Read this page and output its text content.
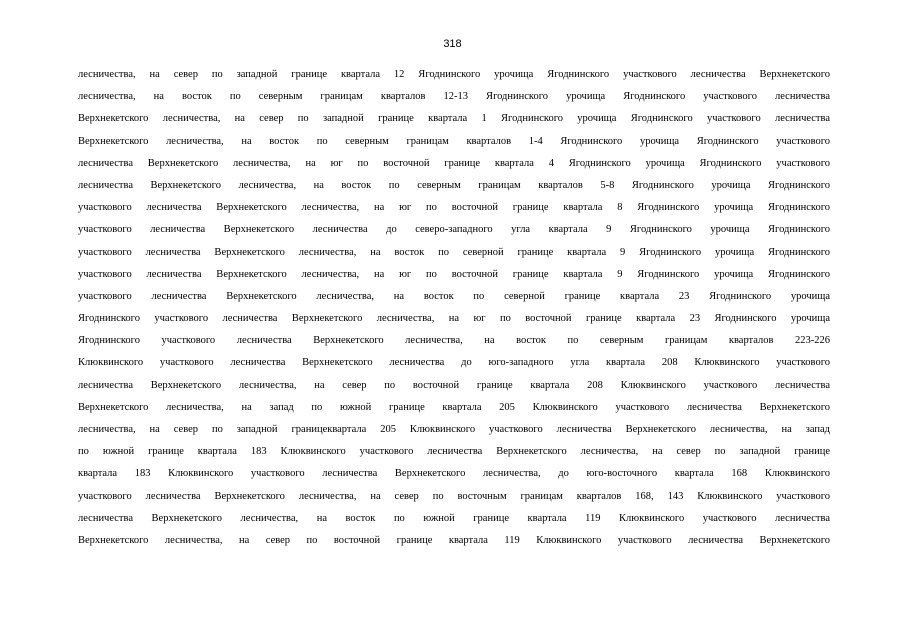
318
лесничества, на север по западной границе квартала 12 Ягоднинского урочища Ягоднинского участкового лесничества Верхнекетского
лесничества, на восток по северным границам кварталов 12-13 Ягоднинского урочища Ягоднинского участкового лесничества
Верхнекетского лесничества, на север по западной границе квартала 1 Ягоднинского урочища Ягоднинского участкового лесничества
Верхнекетского лесничества, на восток по северным границам кварталов 1-4 Ягоднинского урочища Ягоднинского участкового
лесничества Верхнекетского лесничества, на юг по восточной границе квартала 4 Ягоднинского урочища Ягоднинского участкового
лесничества Верхнекетского лесничества, на восток по северным границам кварталов 5-8 Ягоднинского урочища Ягоднинского
участкового лесничества Верхнекетского лесничества, на юг по восточной границе квартала 8 Ягоднинского урочища Ягоднинского
участкового лесничества Верхнекетского лесничества до северо-западного угла квартала 9 Ягоднинского урочища Ягоднинского
участкового лесничества Верхнекетского лесничества, на восток по северной границе квартала 9 Ягоднинского урочища Ягоднинского
участкового лесничества Верхнекетского лесничества, на юг по восточной границе квартала 9 Ягоднинского урочища Ягоднинского
участкового лесничества Верхнекетского лесничества, на восток по северной границе квартала 23 Ягоднинского урочища
Ягоднинского участкового лесничества Верхнекетского лесничества, на юг по восточной границе квартала 23 Ягоднинского урочища
Ягоднинского участкового лесничества Верхнекетского лесничества, на восток по северным границам кварталов 223-226
Клюквинского участкового лесничества Верхнекетского лесничества до юго-западного угла квартала 208 Клюквинского участкового
лесничества Верхнекетского лесничества, на север по восточной границе квартала 208 Клюквинского участкового лесничества
Верхнекетского лесничества, на запад по южной границе квартала 205 Клюквинского участкового лесничества Верхнекетского
лесничества, на север по западной границеквартала 205 Клюквинского участкового лесничества Верхнекетского лесничества, на запад
по южной границе квартала 183 Клюквинского участкового лесничества Верхнекетского лесничества, на север по западной границе
квартала 183 Клюквинского участкового лесничества Верхнекетского лесничества, до юго-восточного квартала 168 Клюквинского
участкового лесничества Верхнекетского лесничества, на север по восточным границам кварталов 168, 143 Клюквинского участкового
лесничества Верхнекетского лесничества, на восток по южной границе квартала 119 Клюквинского участкового лесничества
Верхнекетского лесничества, на север по восточной границе квартала 119 Клюквинского участкового лесничества Верхнекетского
